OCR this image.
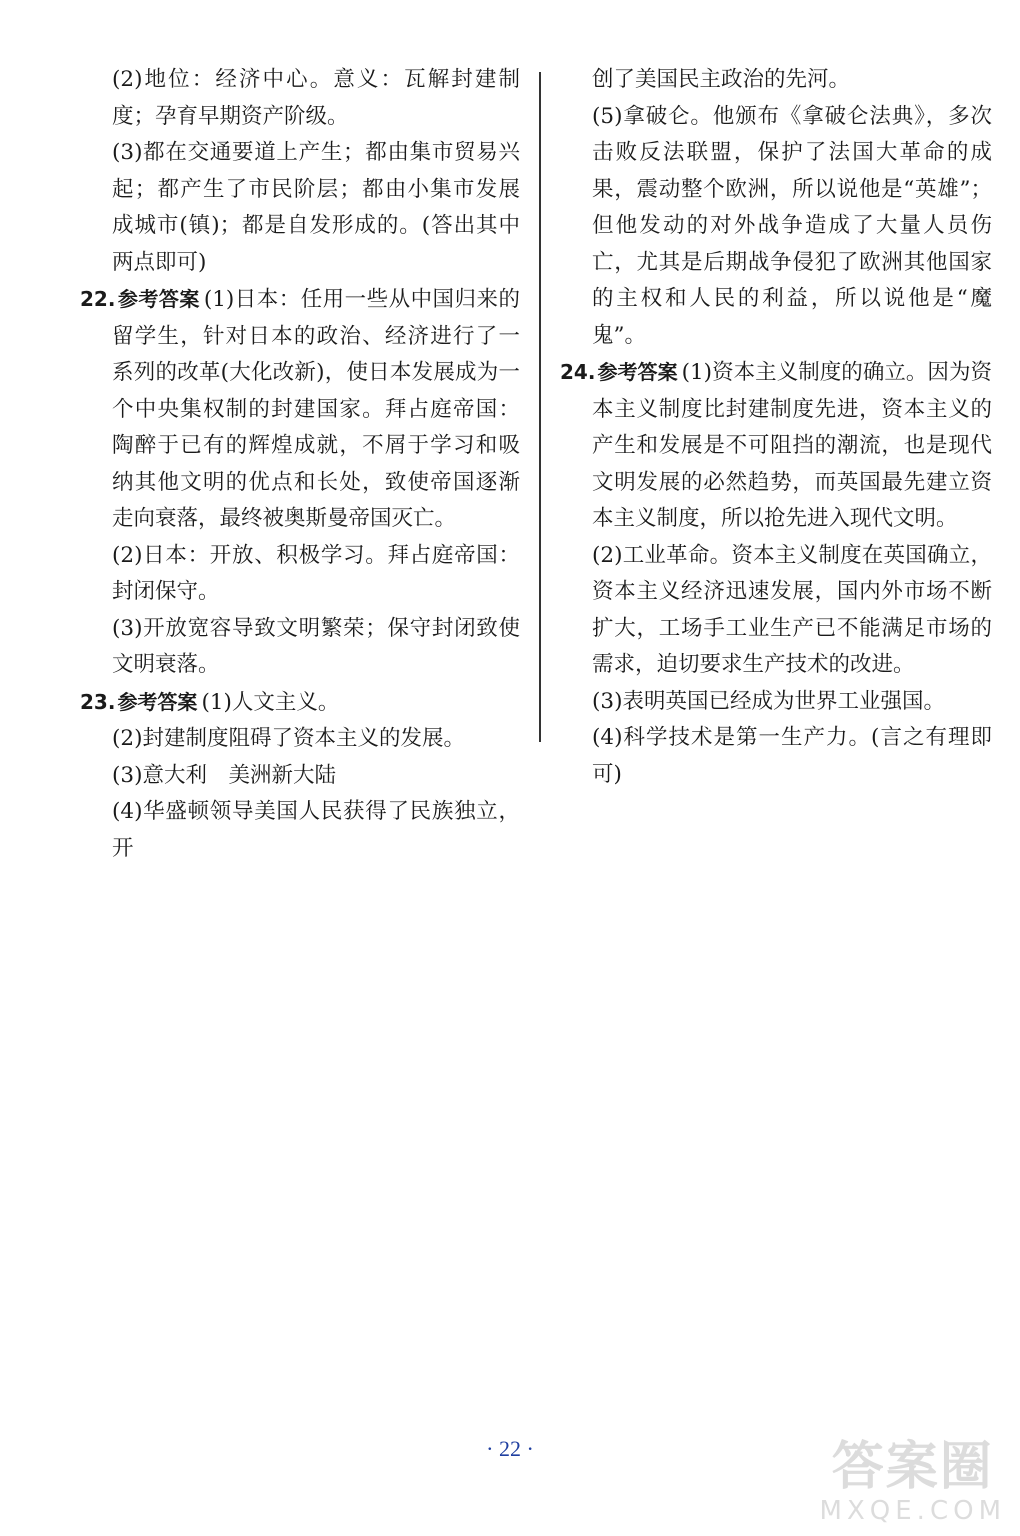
(2)地位：经济中心。意义：瓦解封建制度；孕育早期资产阶级。

(3)都在交通要道上产生；都由集市贸易兴起；都产生了市民阶层；都由小集市发展成城市(镇)；都是自发形成的。(答出其中两点即可)

22. 参考答案 (1)日本：任用一些从中国归来的留学生，针对日本的政治、经济进行了一系列的改革(大化改新)，使日本发展成为一个中央集权制的封建国家。拜占庭帝国：陶醉于已有的辉煌成就，不屑于学习和吸纳其他文明的优点和长处，致使帝国逐渐走向衰落，最终被奥斯曼帝国灭亡。

(2)日本：开放、积极学习。拜占庭帝国：封闭保守。

(3)开放宽容导致文明繁荣；保守封闭致使文明衰落。

23. 参考答案 (1)人文主义。

(2)封建制度阻碍了资本主义的发展。

(3)意大利　美洲新大陆

(4)华盛顿领导美国人民获得了民族独立，开

创了美国民主政治的先河。

(5)拿破仑。他颁布《拿破仑法典》，多次击败反法联盟，保护了法国大革命的成果，震动整个欧洲，所以说他是“英雄”；但他发动的对外战争造成了大量人员伤亡，尤其是后期战争侵犯了欧洲其他国家的主权和人民的利益，所以说他是“魔鬼”。

24. 参考答案 (1)资本主义制度的确立。因为资本主义制度比封建制度先进，资本主义的产生和发展是不可阻挡的潮流，也是现代文明发展的必然趋势，而英国最先建立资本主义制度，所以抢先进入现代文明。

(2)工业革命。资本主义制度在英国确立，资本主义经济迅速发展，国内外市场不断扩大，工场手工业生产已不能满足市场的需求，迫切要求生产技术的改进。

(3)表明英国已经成为世界工业强国。

(4)科学技术是第一生产力。(言之有理即可)

· 22 ·	答案圈
MXQE.COM
